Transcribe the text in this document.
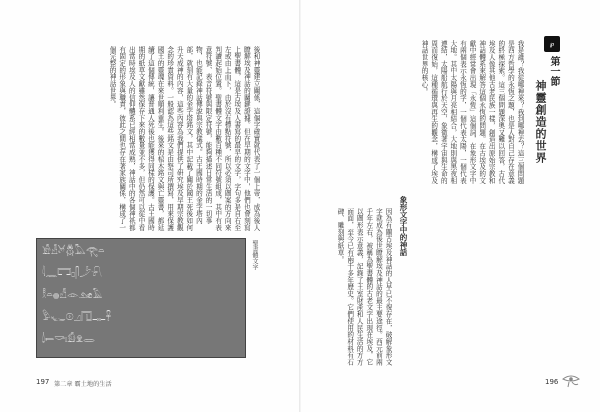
後和神靈建立關係，這個字確實就代表了一個上帝，成為後人瞭解埃及神話的關鍵證據。但在早期的文字中，他們也會刻寫上聖書體，這是古埃及人書寫的最早的文字，字句多是自右至左或由上而下，由於沒有標點符號，所以必須以圖案的方向來判讀起始位置。聖書體文字由數百種不同符號組成，其中有表意符號、表音符號與限定符號，能夠描述日常生活的一切事物，也能記錄神話傳說與宗教儀式。古王國時期的金字塔內部，就刻有大量的金字塔銘文，其中記載了關於國王死後如何升天成神的內容，這些內容為我們提供了研究埃及早期宗教觀念的珍貴資料。一般認為這些銘文是由祭司所撰寫，用來保護國王的靈魂在來世順利重生。後來的棺木銘文與亡靈書，都延續了這個傳統，讓普通人死後也能獲得同樣的保護。古王國時期的紙草文獻雖然保存下來的數量並不多，但仍然可以從中看出當時埃及人的信仰體系已經相當成熟，神話中的各個神祇都有固定的形象與職責，彼此之間也存在著家族關係，構成了一個完整的神話世界。
𓀀𓁐𓃾𓆣𓅓𓂀𓏏
𓇋𓈖𓉐𓊪𓋴𓌳𓍯
𓎛𓏏𓐍𓀭𓁹𓃭𓄿
𓅱𓆑𓇳𓈎𓉔𓊃𓋹
𓌃𓍿𓎡𓏤𓀁𓁷𓂋
聖書體文字
197 第二章 霸土地的生活
℘
第一節
神靈創造的世界
我是誰？我從哪裡來？我到哪裡去？這三個問題是西方哲學的永恆之題，也是人對自己存在意義的終極探索。這三個問題深奧又難以回答，古代埃及人像其他古老民族一樣，創造出原始宗教和神話體系來解答這個永恆的問題。在古埃及的文獻中經常會出現「永恆」這個詞，在象形文字中有兩個表示永恆的字，一個代表太陽，一個代表大地。其中太陽與月亮相結合，大地則與黑夜相連結，太陽船航行於天空，象徵著宇宙與生命的周而復始，這種循環與再生的觀念，構成了埃及神話世界的核心。
象形文字中的神話
因為有關古埃及神話的人早已不復存在，破解象形文字就成為後世瞭解埃及神話的最主要途徑。西元前兩千年左右，被稱為聖書體的古老文字出現在埃及，它以圖形表示意義，記錄了王室財產和人民生活的方方面面，至今已有兩千多年歷史。它們使用的材料有石碑、雕刻與紙草。
196
